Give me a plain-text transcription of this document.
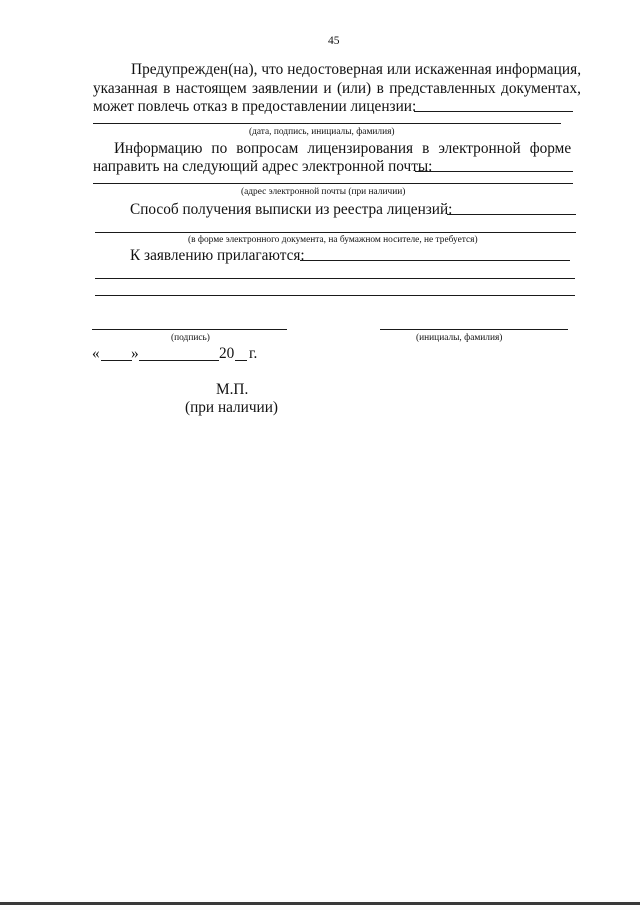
45
Предупрежден(на), что недостоверная или искаженная информация,
указанная в настоящем заявлении и (или) в представленных документах,
может повлечь отказ в предоставлении лицензии:
(дата, подпись, инициалы, фамилия)
Информацию по вопросам лицензирования в электронной форме
направить на следующий адрес электронной почты:
(адрес электронной почты (при наличии)
Способ получения выписки из реестра лицензий:
(в форме электронного документа, на бумажном носителе, не требуется)
К заявлению прилагаются:
(подпись)	(инициалы, фамилия)
« »	20 г.
М.П.
(при наличии)
